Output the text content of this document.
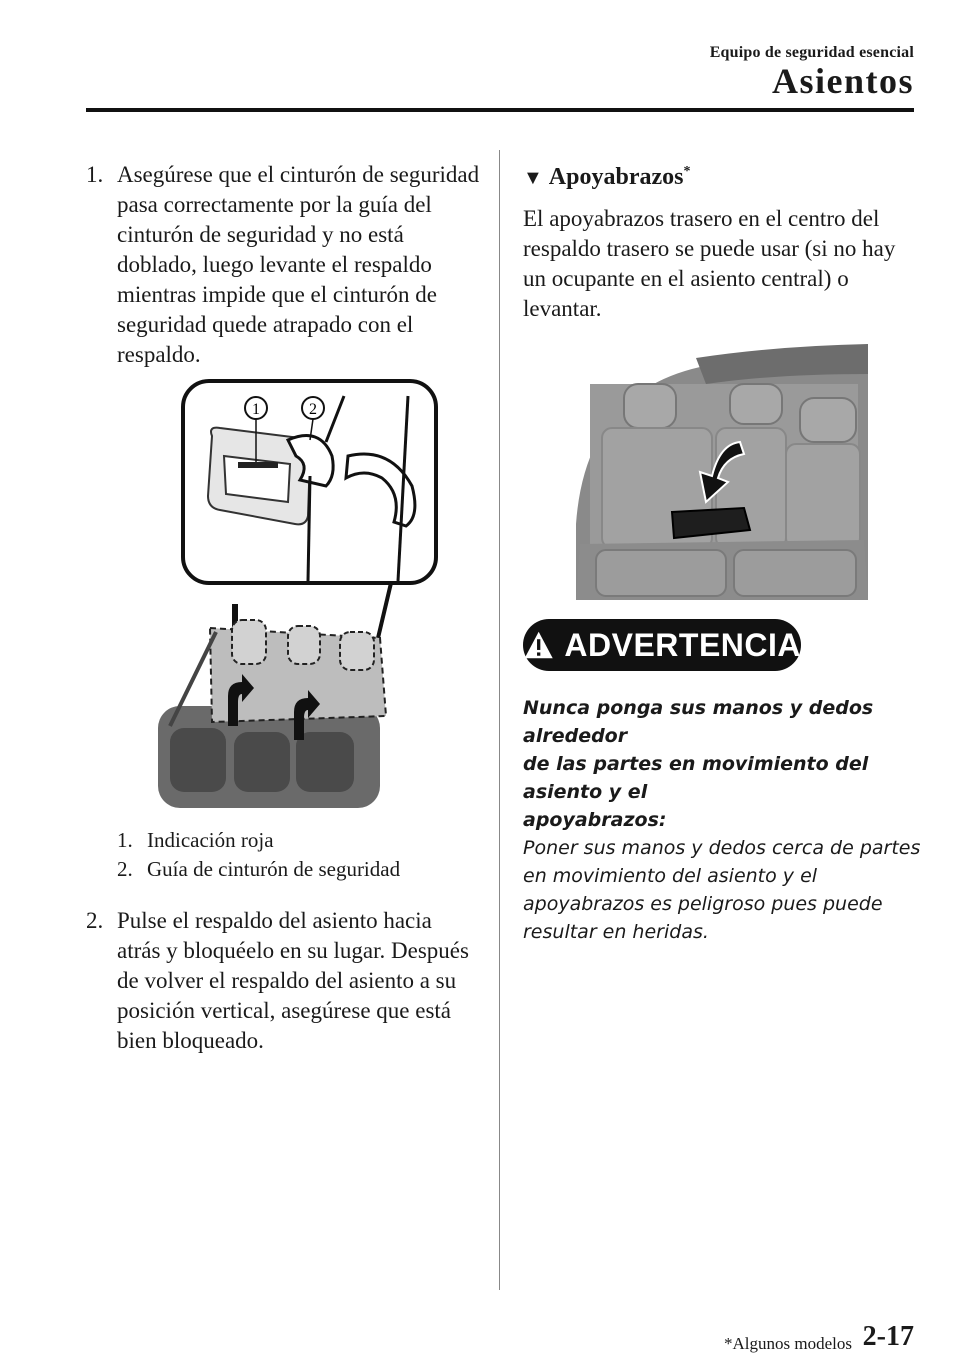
Equipo de seguridad esencial
Asientos
1. Asegúrese que el cinturón de seguridad
pasa correctamente por la guía del
cinturón de seguridad y no está
doblado, luego levante el respaldo
mientras impide que el cinturón de
seguridad quede atrapado con el
respaldo.
1	2
1. Indicación roja
2. Guía de cinturón de seguridad
2. Pulse el respaldo del asiento hacia
atrás y bloquéelo en su lugar. Después
de volver el respaldo del asiento a su
posición vertical, asegúrese que está
bien bloqueado.
▼ Apoyabrazos*
El apoyabrazos trasero en el centro del
respaldo trasero se puede usar (si no hay
un ocupante en el asiento central) o
levantar.
ADVERTENCIA
Nunca ponga sus manos y dedos alrededor
de las partes en movimiento del asiento y el
apoyabrazos:
Poner sus manos y dedos cerca de partes
en movimiento del asiento y el
apoyabrazos es peligroso pues puede
resultar en heridas.
*Algunos modelos 2-17
